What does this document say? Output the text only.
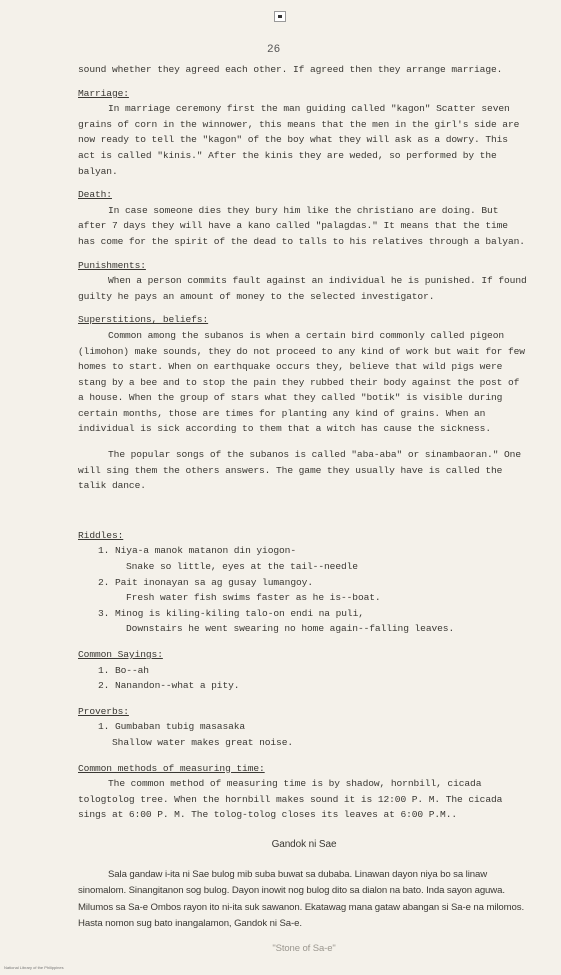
26

sound whether they agreed each other. If agreed then they arrange marriage.

Marriage:

In marriage ceremony first the man guiding called "kagon" Scatter seven grains of corn in the winnower, this means that the men in the girl's side are now ready to tell the "kagon" of the boy what they will ask as a dowry. This act is called "kinis." After the kinis they are weded, so performed by the balyan.

Death:

In case someone dies they bury him like the christiano are doing. But after 7 days they will have a kano called "palagdas." It means that the time has come for the spirit of the dead to talls to his relatives through a balyan.

Punishments:

When a person commits fault against an individual he is punished. If found guilty he pays an amount of money to the selected investigator.

Superstitions, beliefs:

Common among the subanos is when a certain bird commonly called pigeon (limohon) make sounds, they do not proceed to any kind of work but wait for few homes to start. When on earthquake occurs they, believe that wild pigs were stang by a bee and to stop the pain they rubbed their body against the post of a house. When the group of stars what they called "botik" is visible during certain months, those are times for planting any kind of grains. When an individual is sick according to them that a witch has cause the sickness.

The popular songs of the subanos is called "aba-aba" or sinambaoran." One will sing them the others answers. The game they usually have is called the talik dance.

Riddles:

1. Niya-a manok matanon din yiogon-

Snake so little, eyes at the tail--needle

2. Pait inonayan sa ag gusay lumangoy.

Fresh water fish swims faster as he is--boat.

3. Minog is kiling-kiling talo-on endi na puli,

Downstairs he went swearing no home again--falling leaves.

Common Sayings:

1. Bo--ah

2. Nanandon--what a pity.

Proverbs:

1. Gumbaban tubig masasaka

Shallow water makes great noise.

Common methods of measuring time:

The common method of measuring time is by shadow, hornbill, cicada tologtolog tree. When the hornbill makes sound it is 12:00 P. M. The cicada sings at 6:00 P. M. The tolog-tolog closes its leaves at 6:00 P.M..

Gandok ni Sae

Sala gandaw i-ita ni Sae bulog mib suba buwat sa dubaba. Linawan dayon niya bo sa linaw sinomalom. Sinangitanon sog bulog. Dayon inowit nog bulog dito sa dialon na bato. Inda sayon aguwa. Milumos sa Sa-e Ombos rayon ito ni-ita suk sawanon. Ekatawag mana gataw abangan si Sa-e na milomos. Hasta nomon sug bato inangalamon, Gandok ni Sa-e.

"Stone of Sa-e"

National Library of the Philippines
